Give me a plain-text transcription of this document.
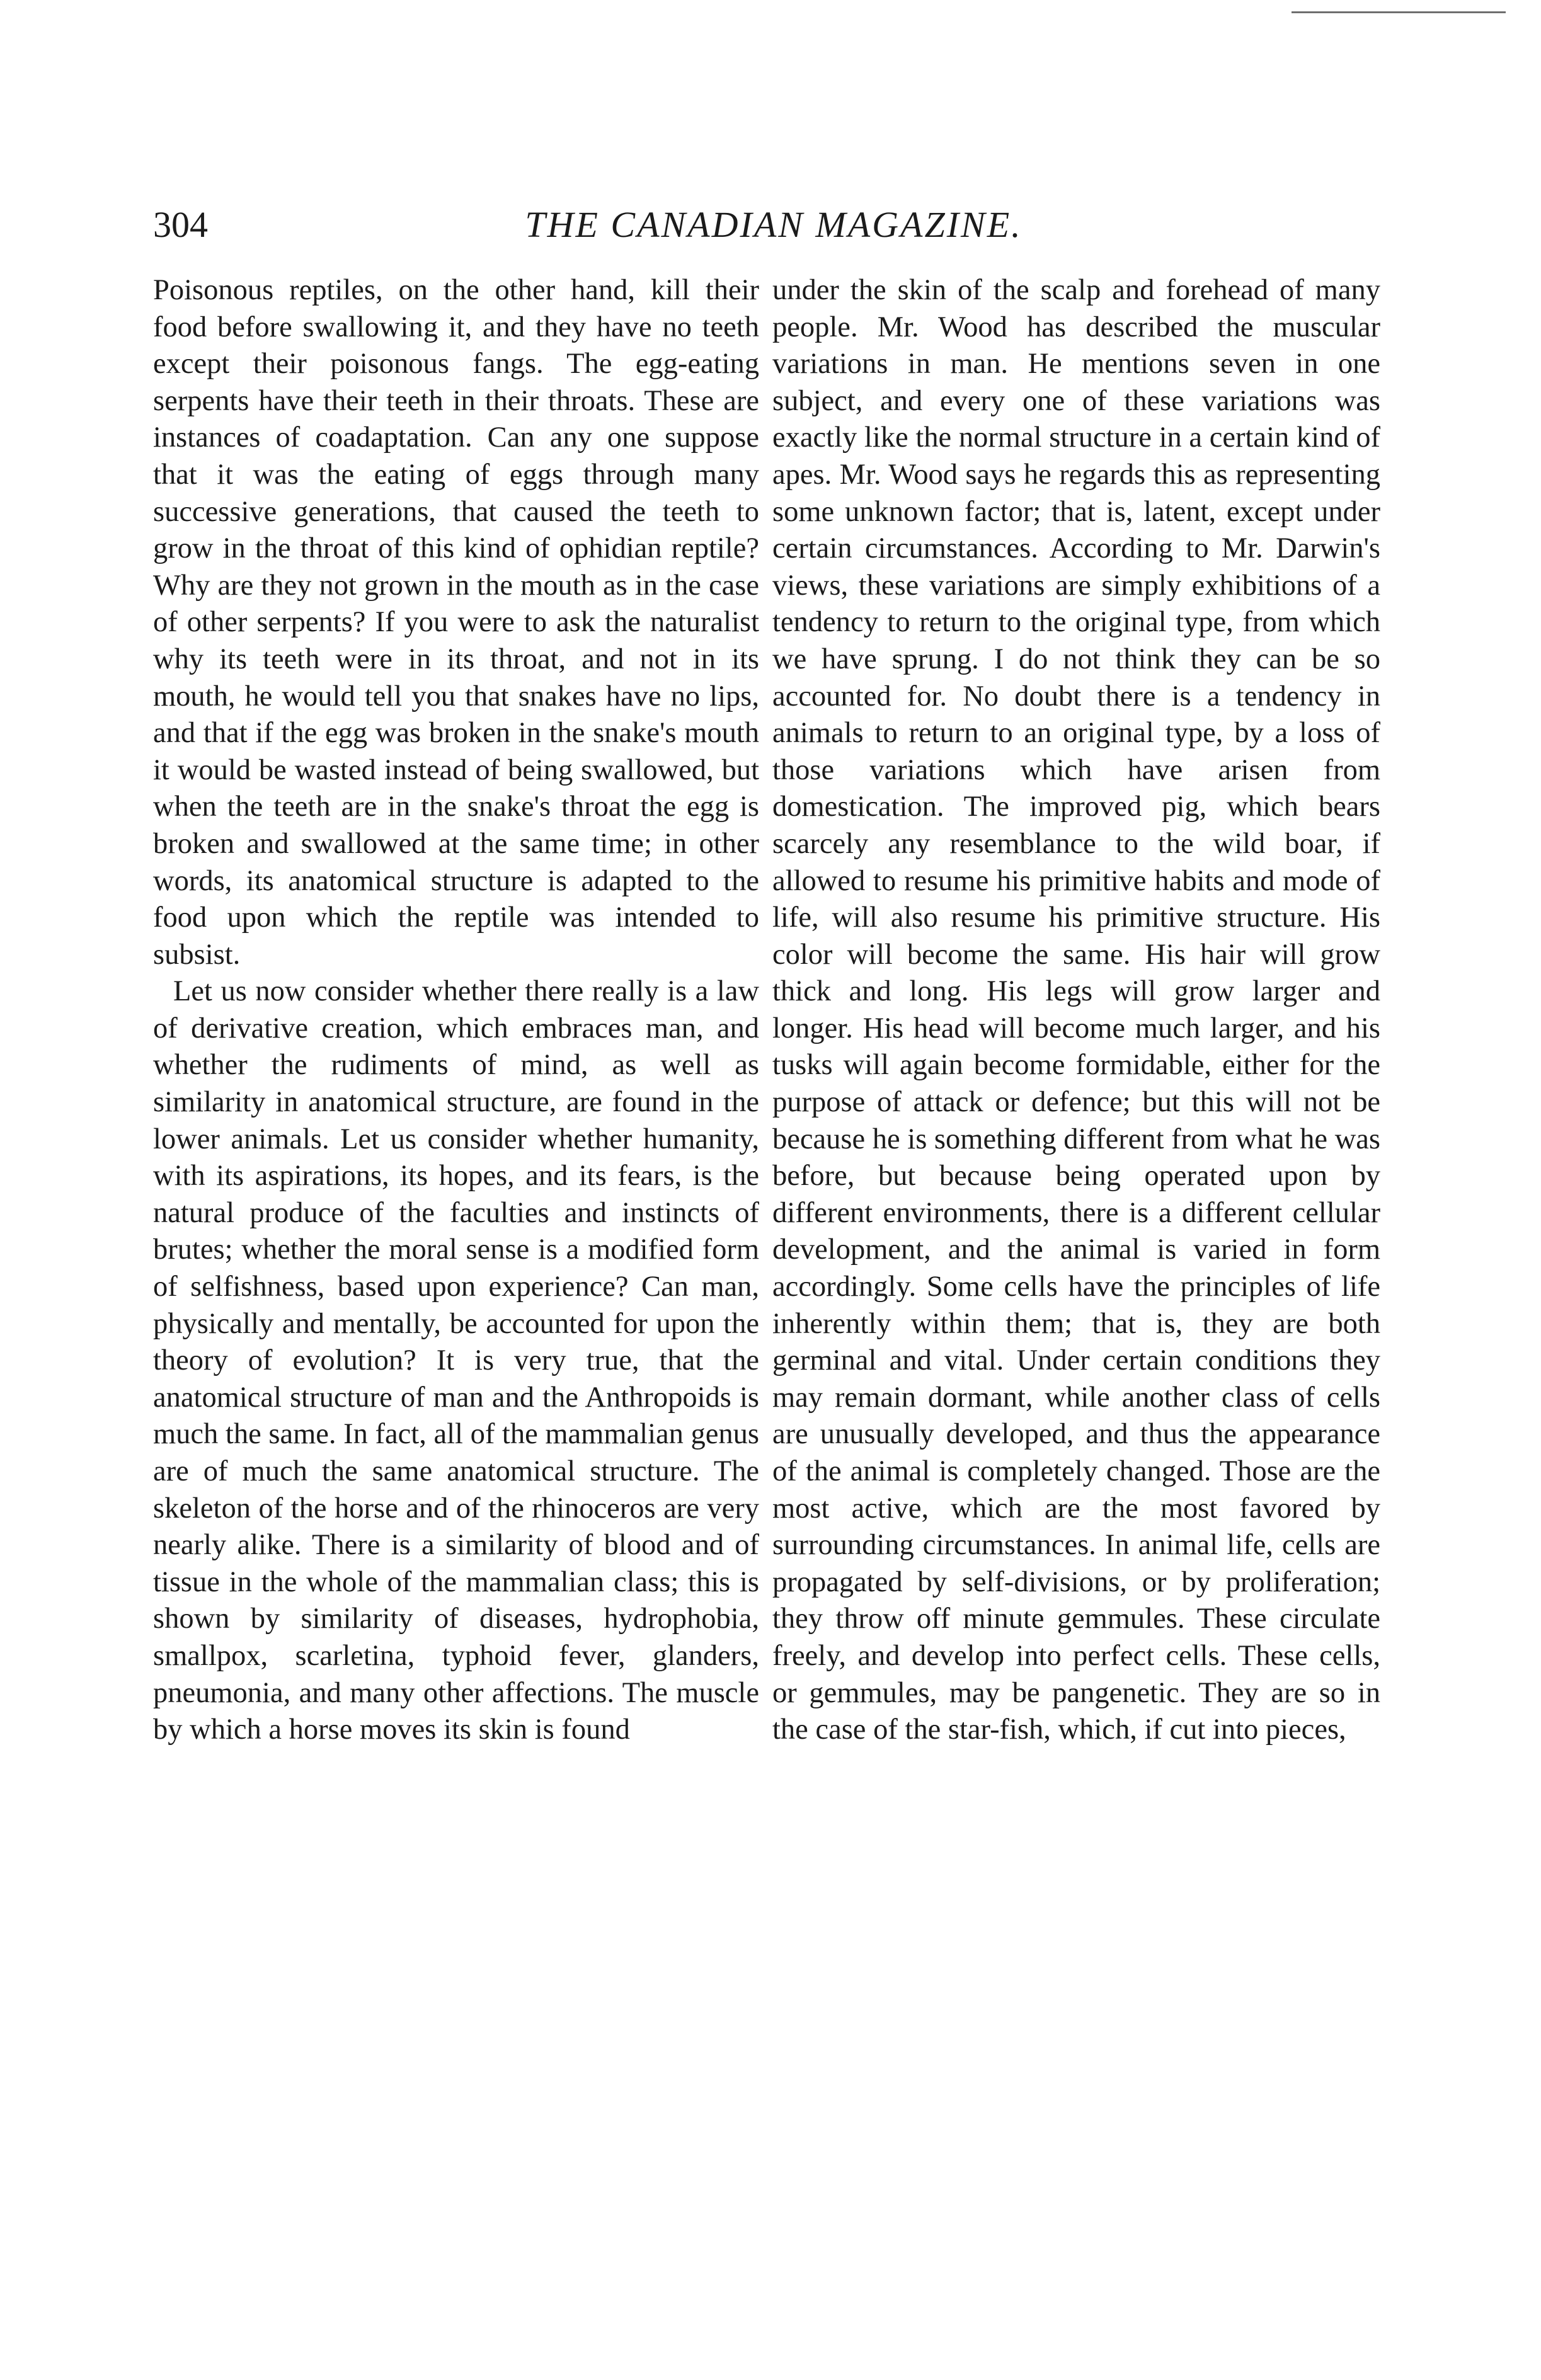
304	THE CANADIAN MAGAZINE.

Poisonous reptiles, on the other hand, kill their food before swallowing it, and they have no teeth except their poisonous fangs. The egg-eating serpents have their teeth in their throats. These are instances of coadaptation. Can any one suppose that it was the eating of eggs through many successive generations, that caused the teeth to grow in the throat of this kind of ophidian reptile? Why are they not grown in the mouth as in the case of other serpents? If you were to ask the naturalist why its teeth were in its throat, and not in its mouth, he would tell you that snakes have no lips, and that if the egg was broken in the snake's mouth it would be wasted instead of being swallowed, but when the teeth are in the snake's throat the egg is broken and swallowed at the same time; in other words, its anatomical structure is adapted to the food upon which the reptile was intended to subsist.

Let us now consider whether there really is a law of derivative creation, which embraces man, and whether the rudiments of mind, as well as similarity in anatomical structure, are found in the lower animals. Let us consider whether humanity, with its aspirations, its hopes, and its fears, is the natural produce of the faculties and instincts of brutes; whether the moral sense is a modified form of selfishness, based upon experience? Can man, physically and mentally, be accounted for upon the theory of evolution? It is very true, that the anatomical structure of man and the Anthropoids is much the same. In fact, all of the mammalian genus are of much the same anatomical structure. The skeleton of the horse and of the rhinoceros are very nearly alike. There is a similarity of blood and of tissue in the whole of the mammalian class; this is shown by similarity of diseases, hydrophobia, smallpox, scarletina, typhoid fever, glanders, pneumonia, and many other affections. The muscle by which a horse moves its skin is found

under the skin of the scalp and forehead of many people. Mr. Wood has described the muscular variations in man. He mentions seven in one subject, and every one of these variations was exactly like the normal structure in a certain kind of apes. Mr. Wood says he regards this as representing some unknown factor; that is, latent, except under certain circumstances. According to Mr. Darwin's views, these variations are simply exhibitions of a tendency to return to the original type, from which we have sprung. I do not think they can be so accounted for. No doubt there is a tendency in animals to return to an original type, by a loss of those variations which have arisen from domestication. The improved pig, which bears scarcely any resemblance to the wild boar, if allowed to resume his primitive habits and mode of life, will also resume his primitive structure. His color will become the same. His hair will grow thick and long. His legs will grow larger and longer. His head will become much larger, and his tusks will again become formidable, either for the purpose of attack or defence; but this will not be because he is something different from what he was before, but because being operated upon by different environments, there is a different cellular development, and the animal is varied in form accordingly. Some cells have the principles of life inherently within them; that is, they are both germinal and vital. Under certain conditions they may remain dormant, while another class of cells are unusually developed, and thus the appearance of the animal is completely changed. Those are the most active, which are the most favored by surrounding circumstances. In animal life, cells are propagated by self-divisions, or by proliferation; they throw off minute gemmules. These circulate freely, and develop into perfect cells. These cells, or gemmules, may be pangenetic. They are so in the case of the star-fish, which, if cut into pieces,
